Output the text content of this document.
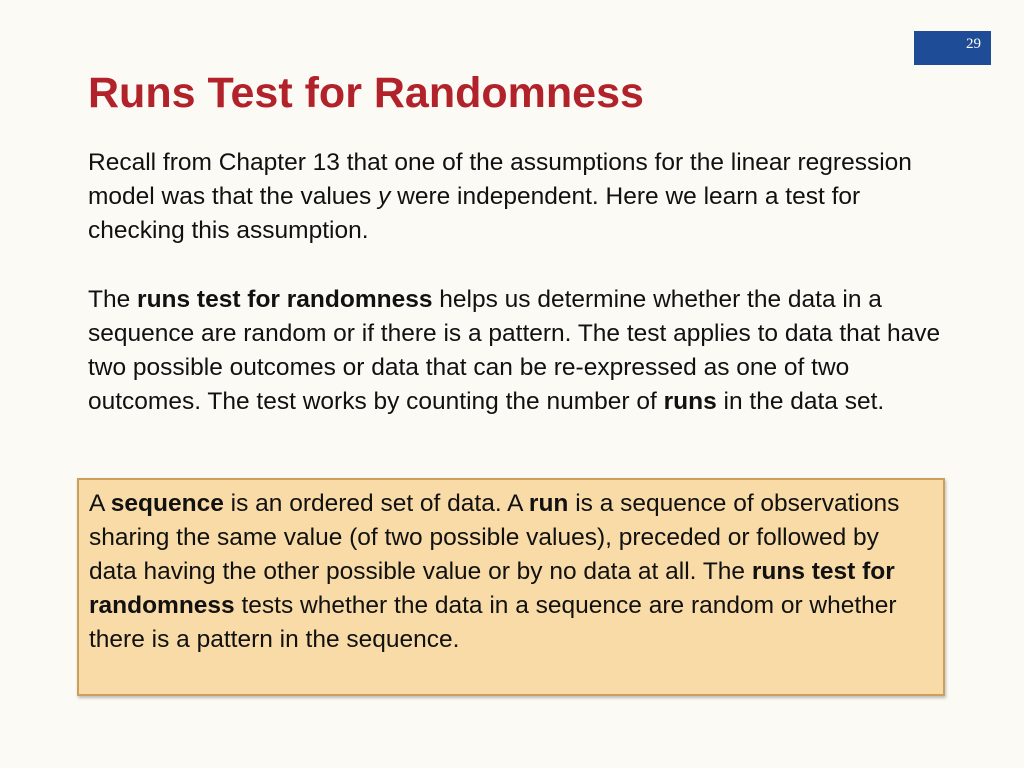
29
Runs Test for Randomness

Recall from Chapter 13 that one of the assumptions for the linear regression model was that the values y were independent. Here we learn a test for checking this assumption.

The runs test for randomness helps us determine whether the data in a sequence are random or if there is a pattern. The test applies to data that have two possible outcomes or data that can be re-expressed as one of two outcomes. The test works by counting the number of runs in the data set.

A sequence is an ordered set of data. A run is a sequence of observations sharing the same value (of two possible values), preceded or followed by data having the other possible value or by no data at all. The runs test for randomness tests whether the data in a sequence are random or whether there is a pattern in the sequence.
